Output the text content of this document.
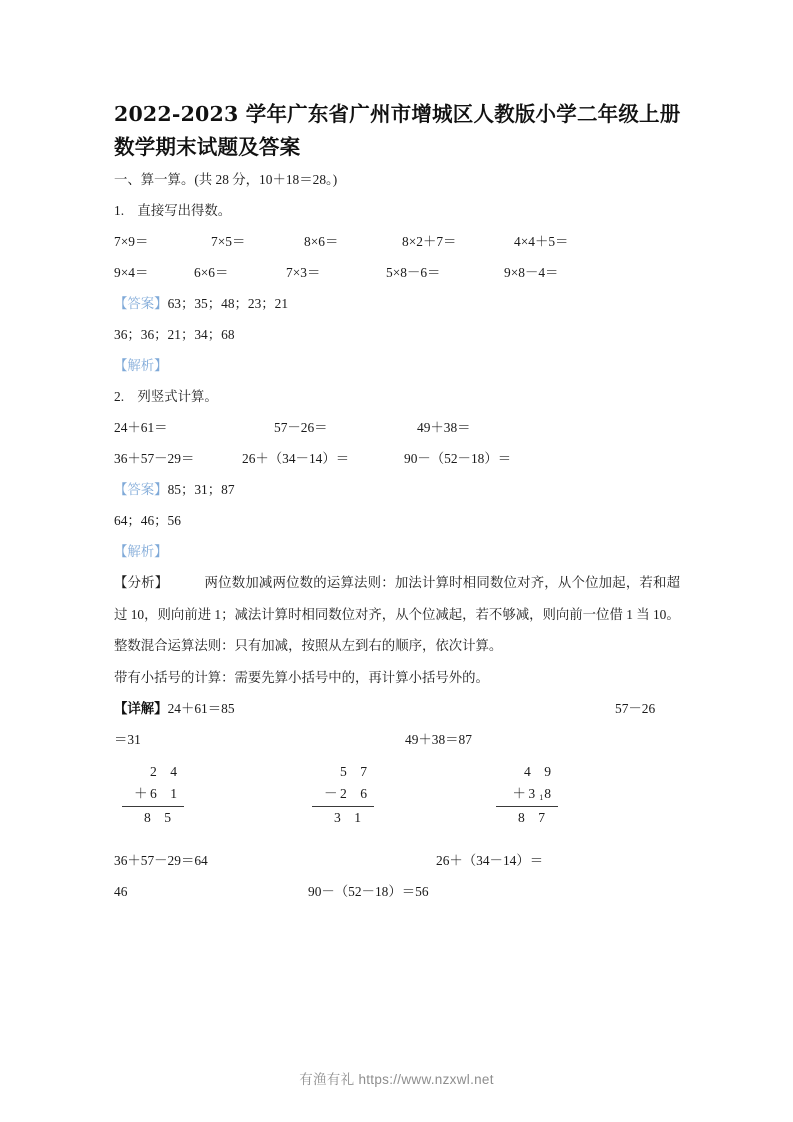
2022-2023 学年广东省广州市增城区人教版小学二年级上册
数学期末试题及答案

一、算一算。(共 28 分，10＋18＝28。)

1.　直接写出得数。

7×9＝	7×5＝	8×6＝	8×2＋7＝	4×4＋5＝
9×4＝	6×6＝	7×3＝	5×8－6＝	9×8－4＝

【答案】63；35；48；23；21

36；36；21；34；68

【解析】

2.　列竖式计算。

24＋61＝	57－26＝	49＋38＝
36＋57－29＝	26＋（34－14）＝	90－（52－18）＝

【答案】85；31；87

64；46；56

【解析】

【分析】	两位数加减两位数的运算法则：加法计算时相同数位对齐，从个位加起，若和超过 10，则向前进 1；减法计算时相同数位对齐，从个位减起，若不够减，则向前一位借 1 当 10。

整数混合运算法则：只有加减，按照从左到右的顺序，依次计算。

带有小括号的计算：需要先算小括号中的，再计算小括号外的。

【详解】24＋61＝85	57－26
＝31	49＋38＝87
2 4
＋ 6 1
8 5
5 7
－ 2 6
3 1
4 9
＋ 318
8 7
36＋57－29＝64	26＋（34－14）＝
46	90－（52－18）＝56
有渔有礼 https://www.nzxwl.net
